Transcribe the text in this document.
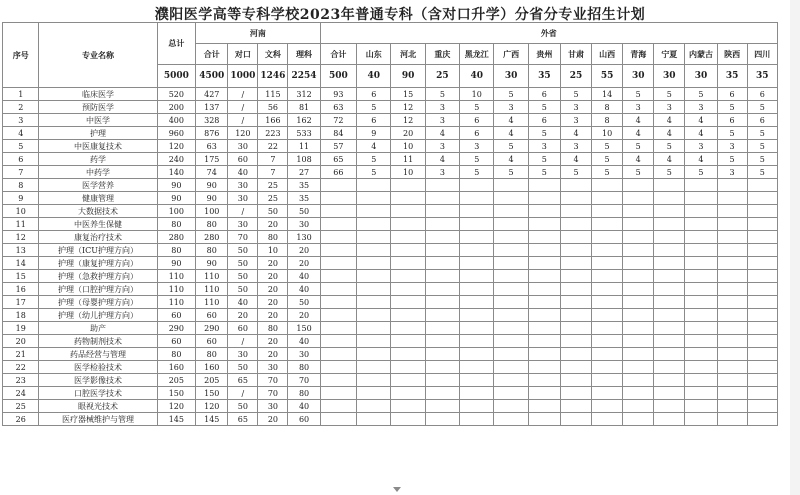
濮阳医学高等专科学校2023年普通专科（含对口升学）分省分专业招生计划
序号	专业名称	总计	河南				外省													
			合计	对口	文科	理科	合计	山东	河北	重庆	黑龙江	广西	贵州	甘肃	山西	青海	宁夏	内蒙古	陕西	四川
		5000	4500	1000	1246	2254	500	40	90	25	40	30	35	25	55	30	30	30	35	35
1	临床医学	520	427	/	115	312	93	6	15	5	10	5	6	5	14	5	5	5	6	6
2	预防医学	200	137	/	56	81	63	5	12	3	5	3	5	3	8	3	3	3	5	5
3	中医学	400	328	/	166	162	72	6	12	3	6	4	6	3	8	4	4	4	6	6
4	护理	960	876	120	223	533	84	9	20	4	6	4	5	4	10	4	4	4	5	5
5	中医康复技术	120	63	30	22	11	57	4	10	3	3	5	3	3	5	5	5	3	3	5
6	药学	240	175	60	7	108	65	5	11	4	5	4	5	4	5	4	4	4	5	5
7	中药学	140	74	40	7	27	66	5	10	3	5	5	5	5	5	5	5	5	3	5
8	医学营养	90	90	30	25	35														
9	健康管理	90	90	30	25	35														
10	大数据技术	100	100	/	50	50														
11	中医养生保健	80	80	30	20	30														
12	康复治疗技术	280	280	70	80	130														
13	护理（ICU护理方向）	80	80	50	10	20														
14	护理（康复护理方向）	90	90	50	20	20														
15	护理（急救护理方向）	110	110	50	20	40														
16	护理（口腔护理方向）	110	110	50	20	40														
17	护理（母婴护理方向）	110	110	40	20	50														
18	护理（幼儿护理方向）	60	60	20	20	20														
19	助产	290	290	60	80	150														
20	药物制剂技术	60	60	/	20	40														
21	药品经营与管理	80	80	30	20	30														
22	医学检验技术	160	160	50	30	80														
23	医学影像技术	205	205	65	70	70														
24	口腔医学技术	150	150	/	70	80														
25	眼视光技术	120	120	50	30	40														
26	医疗器械维护与管理	145	145	65	20	60														
